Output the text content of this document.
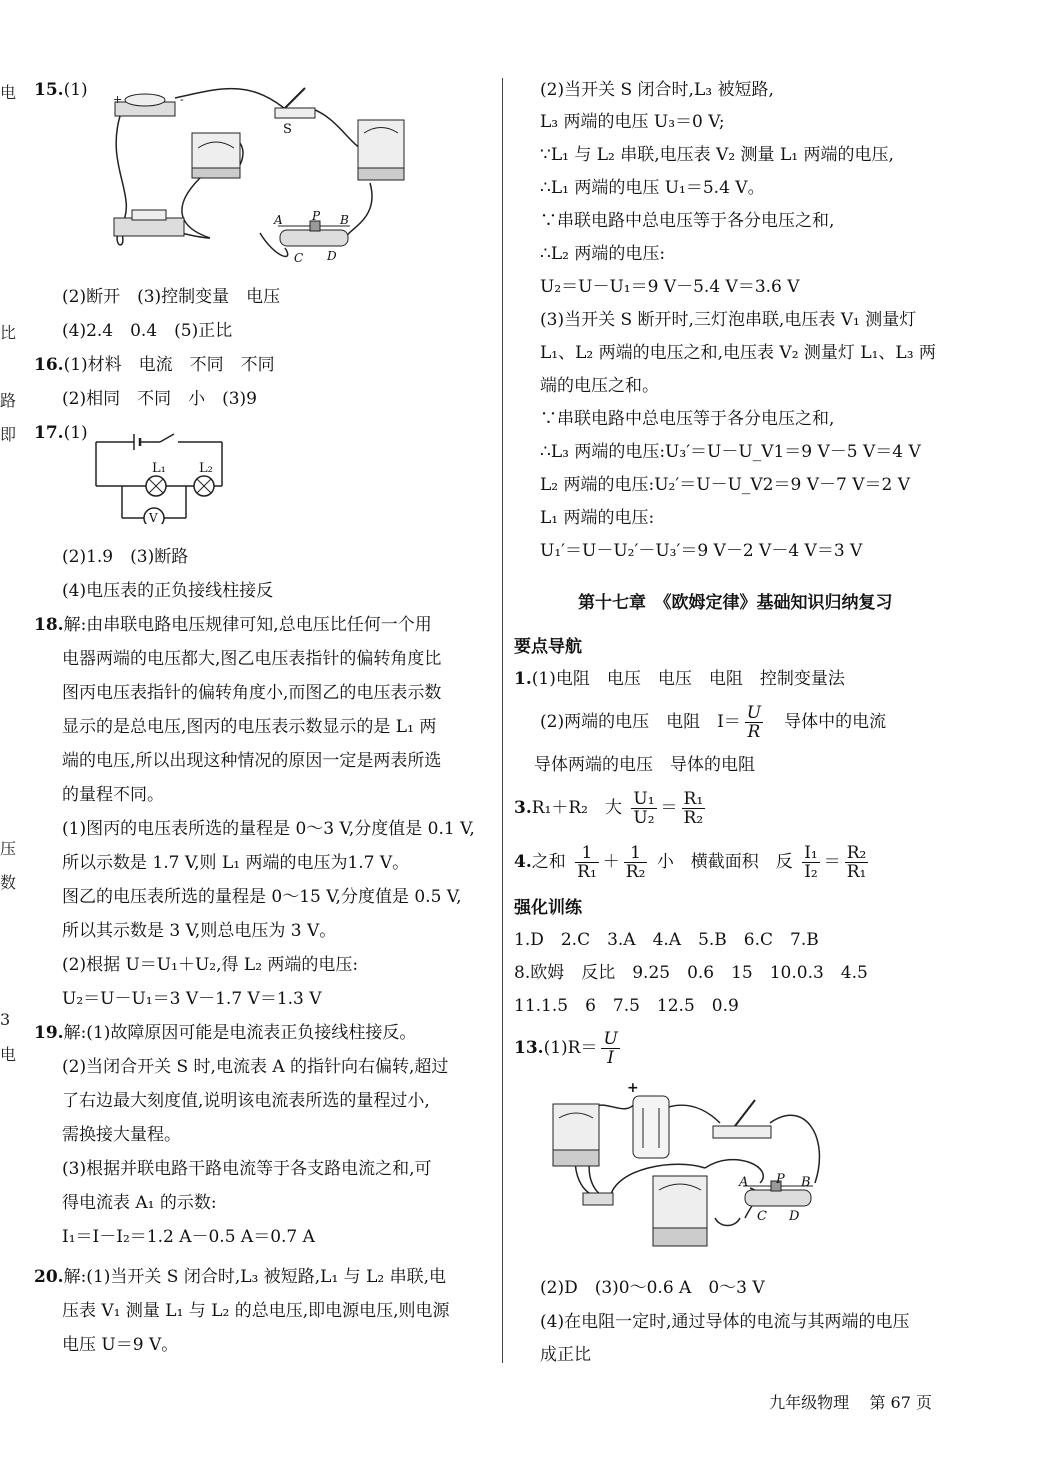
电
比
路
即
压
数
3
电
15.(1) +	-
S
A P B
C D
(2)断开　(3)控制变量　电压
(4)2.4　0.4　(5)正比
16.(1)材料　电流　不同　不同
(2)相同　不同　小　(3)9
17.(1)
L₁	L₂
V
(2)1.9　(3)断路
(4)电压表的正负接线柱接反
18.解:由串联电路电压规律可知,总电压比任何一个用
电器两端的电压都大,图乙电压表指针的偏转角度比
图丙电压表指针的偏转角度小,而图乙的电压表示数
显示的是总电压,图丙的电压表示数显示的是 L₁ 两
端的电压,所以出现这种情况的原因一定是两表所选
的量程不同。
(1)图丙的电压表所选的量程是 0～3 V,分度值是 0.1 V,
所以示数是 1.7 V,则 L₁ 两端的电压为1.7 V。
图乙的电压表所选的量程是 0～15 V,分度值是 0.5 V,
所以其示数是 3 V,则总电压为 3 V。
(2)根据 U＝U₁＋U₂,得 L₂ 两端的电压:
U₂＝U－U₁＝3 V－1.7 V＝1.3 V
19.解:(1)故障原因可能是电流表正负接线柱接反。
(2)当闭合开关 S 时,电流表 A 的指针向右偏转,超过
了右边最大刻度值,说明该电流表所选的量程过小,
需换接大量程。
(3)根据并联电路干路电流等于各支路电流之和,可
得电流表 A₁ 的示数:
I₁＝I－I₂＝1.2 A－0.5 A＝0.7 A
20.解:(1)当开关 S 闭合时,L₃ 被短路,L₁ 与 L₂ 串联,电
压表 V₁ 测量 L₁ 与 L₂ 的总电压,即电源电压,则电源
电压 U＝9 V。
(2)当开关 S 闭合时,L₃ 被短路,
L₃ 两端的电压 U₃＝0 V;
∵L₁ 与 L₂ 串联,电压表 V₂ 测量 L₁ 两端的电压,
∴L₁ 两端的电压 U₁＝5.4 V。
∵串联电路中总电压等于各分电压之和,
∴L₂ 两端的电压:
U₂＝U－U₁＝9 V－5.4 V＝3.6 V
(3)当开关 S 断开时,三灯泡串联,电压表 V₁ 测量灯
L₁、L₂ 两端的电压之和,电压表 V₂ 测量灯 L₁、L₃ 两
端的电压之和。
∵串联电路中总电压等于各分电压之和,
∴L₃ 两端的电压:U₃′＝U－U_V1＝9 V－5 V＝4 V
L₂ 两端的电压:U₂′＝U－U_V2＝9 V－7 V＝2 V
L₁ 两端的电压:
U₁′＝U－U₂′－U₃′＝9 V－2 V－4 V＝3 V
第十七章　《欧姆定律》基础知识归纳复习
要点导航
1.(1)电阻　电压　电压　电阻　控制变量法
(2)两端的电压　电阻　$I= \frac{U}{R}$ 　导体中的电流
导体两端的电压　导体的电阻
3.R₁＋R₂　大 $\frac{\text{U₁}}{\text{U₂}} = \frac{\text{R₁}}{\text{R₂}}$
4.之和 $\frac{1}{\text{R₁}} + \frac{1}{\text{R₂}}$ 小　横截面积　反 $\frac{\text{I₁}}{\text{I₂}} = \frac{\text{R₂}}{\text{R₁}}$
强化训练
1.D　2.C　3.A　4.A　5.B　6.C　7.B
8.欧姆　反比　9.25　0.6　15　10.0.3　4.5
11.1.5　6　7.5　12.5　0.9
$13.(1)R= \frac{U}{I}$
+
A P B
C D
(2)D　(3)0～0.6 A　0～3 V
(4)在电阻一定时,通过导体的电流与其两端的电压
成正比
九年级物理 第 67 页
